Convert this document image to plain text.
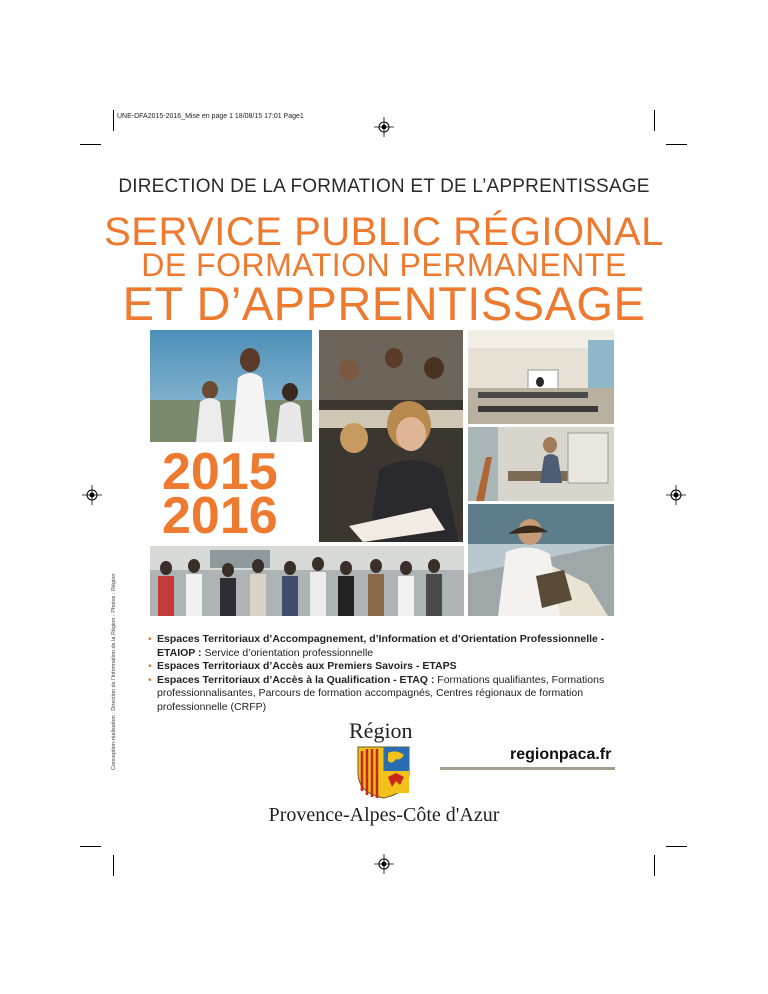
UNE-DFA2015-2016_Mise en page 1 18/08/15 17:01 Page1
DIRECTION DE LA FORMATION ET DE L’APPRENTISSAGE
SERVICE PUBLIC RÉGIONAL
DE FORMATION PERMANENTE
ET D’APPRENTISSAGE
2015
2016
Conception-réalisation : Direction de l'Information de la Région - Photos : Région	• Espaces Territoriaux d’Accompagnement, d’Information et d’Orientation Professionnelle - ETAIOP : Service d’orientation professionnelle
• Espaces Territoriaux d’Accès aux Premiers Savoirs - ETAPS
• Espaces Territoriaux d’Accès à la Qualification - ETAQ : Formations qualifiantes, Formations professionnalisantes, Parcours de formation accompagnés, Centres régionaux de formation professionnelle (CRFP)
Région
regionpaca.fr
Provence-Alpes-Côte d'Azur
